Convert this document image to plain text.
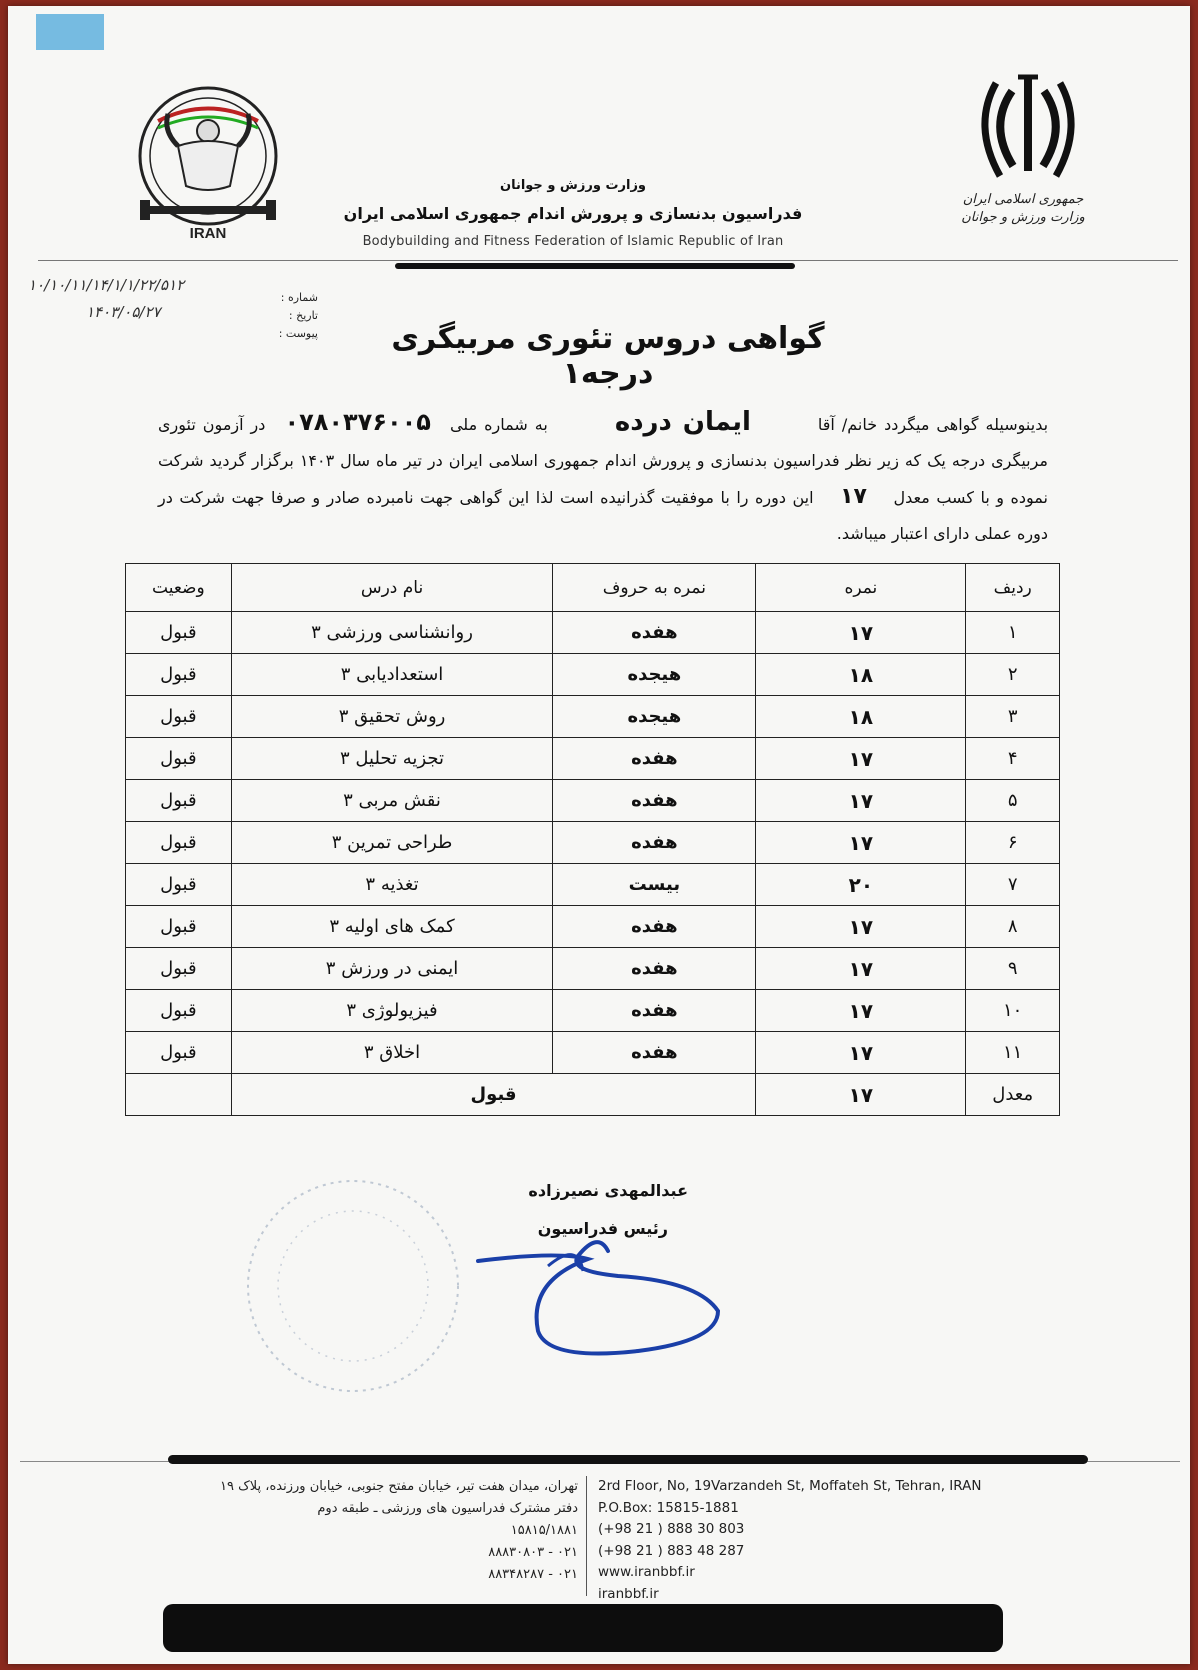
IRAN
جمهوری اسلامی ایران
وزارت ورزش و جوانان
وزارت ورزش و جوانان
فدراسیون بدنسازی و پرورش اندام جمهوری اسلامی ایران
Bodybuilding and Fitness Federation of Islamic Republic of Iran
شماره :
تاریخ :
پیوست :
۱۰/۱۰/۱۱/۱۴/۱/۱/۲۲/۵۱۲
۱۴۰۳/۰۵/۲۷
گواهی دروس تئوری مربیگری درجه۱
بدینوسیله گواهی میگردد خانم/ آقا ایمان درده به شماره ملی ۰۷۸۰۳۷۶۰۰۵ در آزمون تئوری مربیگری درجه یک که زیر نظر فدراسیون بدنسازی و پرورش اندام جمهوری اسلامی ایران در تیر ماه سال ۱۴۰۳ برگزار گردید شرکت نموده و با کسب معدل ۱۷ این دوره را با موفقیت گذرانیده است لذا این گواهی جهت نامبرده صادر و صرفا جهت شرکت در دوره عملی دارای اعتبار میباشد.
ردیف	نمره	نمره به حروف	نام درس	وضعیت
۱	۱۷	هفده	روانشناسی ورزشی ۳	قبول
۲	۱۸	هیجده	استعدادیابی ۳	قبول
۳	۱۸	هیجده	روش تحقیق ۳	قبول
۴	۱۷	هفده	تجزیه تحلیل ۳	قبول
۵	۱۷	هفده	نقش مربی ۳	قبول
۶	۱۷	هفده	طراحی تمرین ۳	قبول
۷	۲۰	بیست	تغذیه ۳	قبول
۸	۱۷	هفده	کمک های اولیه ۳	قبول
۹	۱۷	هفده	ایمنی در ورزش ۳	قبول
۱۰	۱۷	هفده	فیزیولوژی ۳	قبول
۱۱	۱۷	هفده	اخلاق ۳	قبول
معدل	۱۷	قبول		
عبدالمهدی نصیرزاده
رئیس فدراسیون
تهران، میدان هفت تیر، خیابان مفتح جنوبی، خیابان ورزنده، پلاک ۱۹
دفتر مشترک فدراسیون های ورزشی ـ طبقه دوم
۱۵۸۱۵/۱۸۸۱
۰۲۱ - ۸۸۸۳۰۸۰۳
۰۲۱ - ۸۸۳۴۸۲۸۷
2rd Floor, No, 19Varzandeh St, Moffateh St, Tehran, IRAN
P.O.Box: 15815-1881
(+98 21 ) 888 30 803
(+98 21 ) 883 48 287
www.iranbbf.ir
iranbbf.ir
